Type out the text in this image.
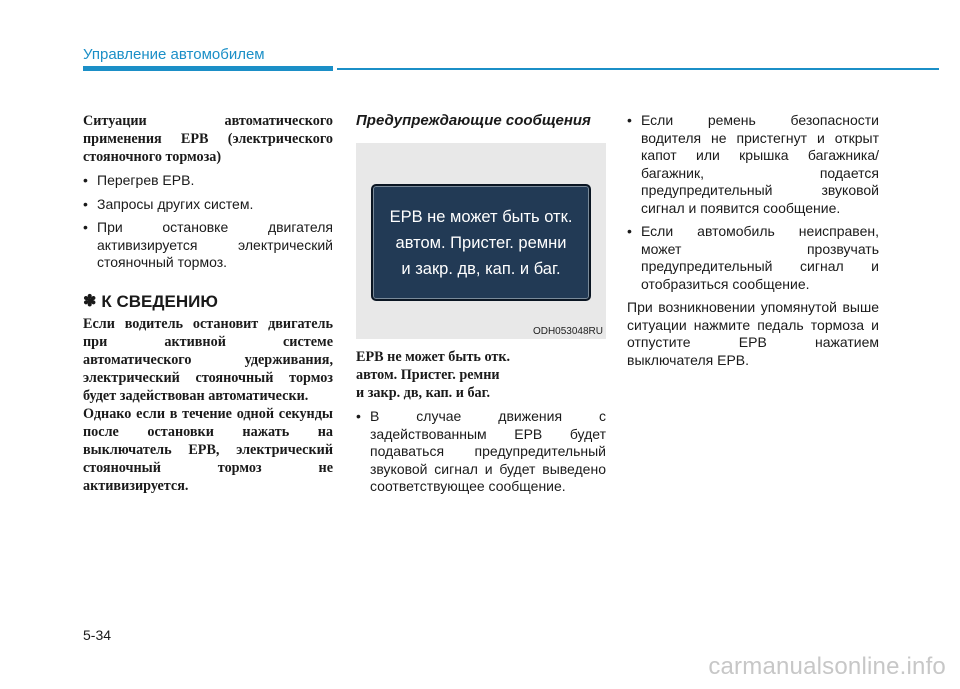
Управление автомобилем
Ситуации автоматического применения EPB (электрического стояночного тормоза)
• Перегрев EPB.
• Запросы других систем.
• При остановке двигателя активизируется электрический стояночный тормоз.
✽ К СВЕДЕНИЮ
Если водитель остановит двигатель при активной системе автоматического удерживания, электрический стояночный тормоз будет задействован автоматически.
Однако если в течение одной секунды после остановки нажать на выключатель EPB, электрический стояночный тормоз не активизируется.
Предупреждающие сообщения
EPB не может быть отк.
автом. Пристег. ремни
и закр. дв, кап. и баг.
ODH053048RU
EPB не может быть отк.
автом. Пристег. ремни
и закр. дв, кап. и баг.
• В случае движения с задействованным EPB будет подаваться предупредительный звуковой сигнал и будет выведено соответствующее сообщение.
• Если ремень безопасности водителя не пристегнут и открыт капот или крышка багажника/багажник, подается предупредительный звуковой сигнал и появится сообщение.
• Если автомобиль неисправен, может прозвучать предупредительный сигнал и отобразиться сообщение.
При возникновении упомянутой выше ситуации нажмите педаль тормоза и отпустите EPB нажатием выключателя EPB.
5-34
carmanualsonline.info
